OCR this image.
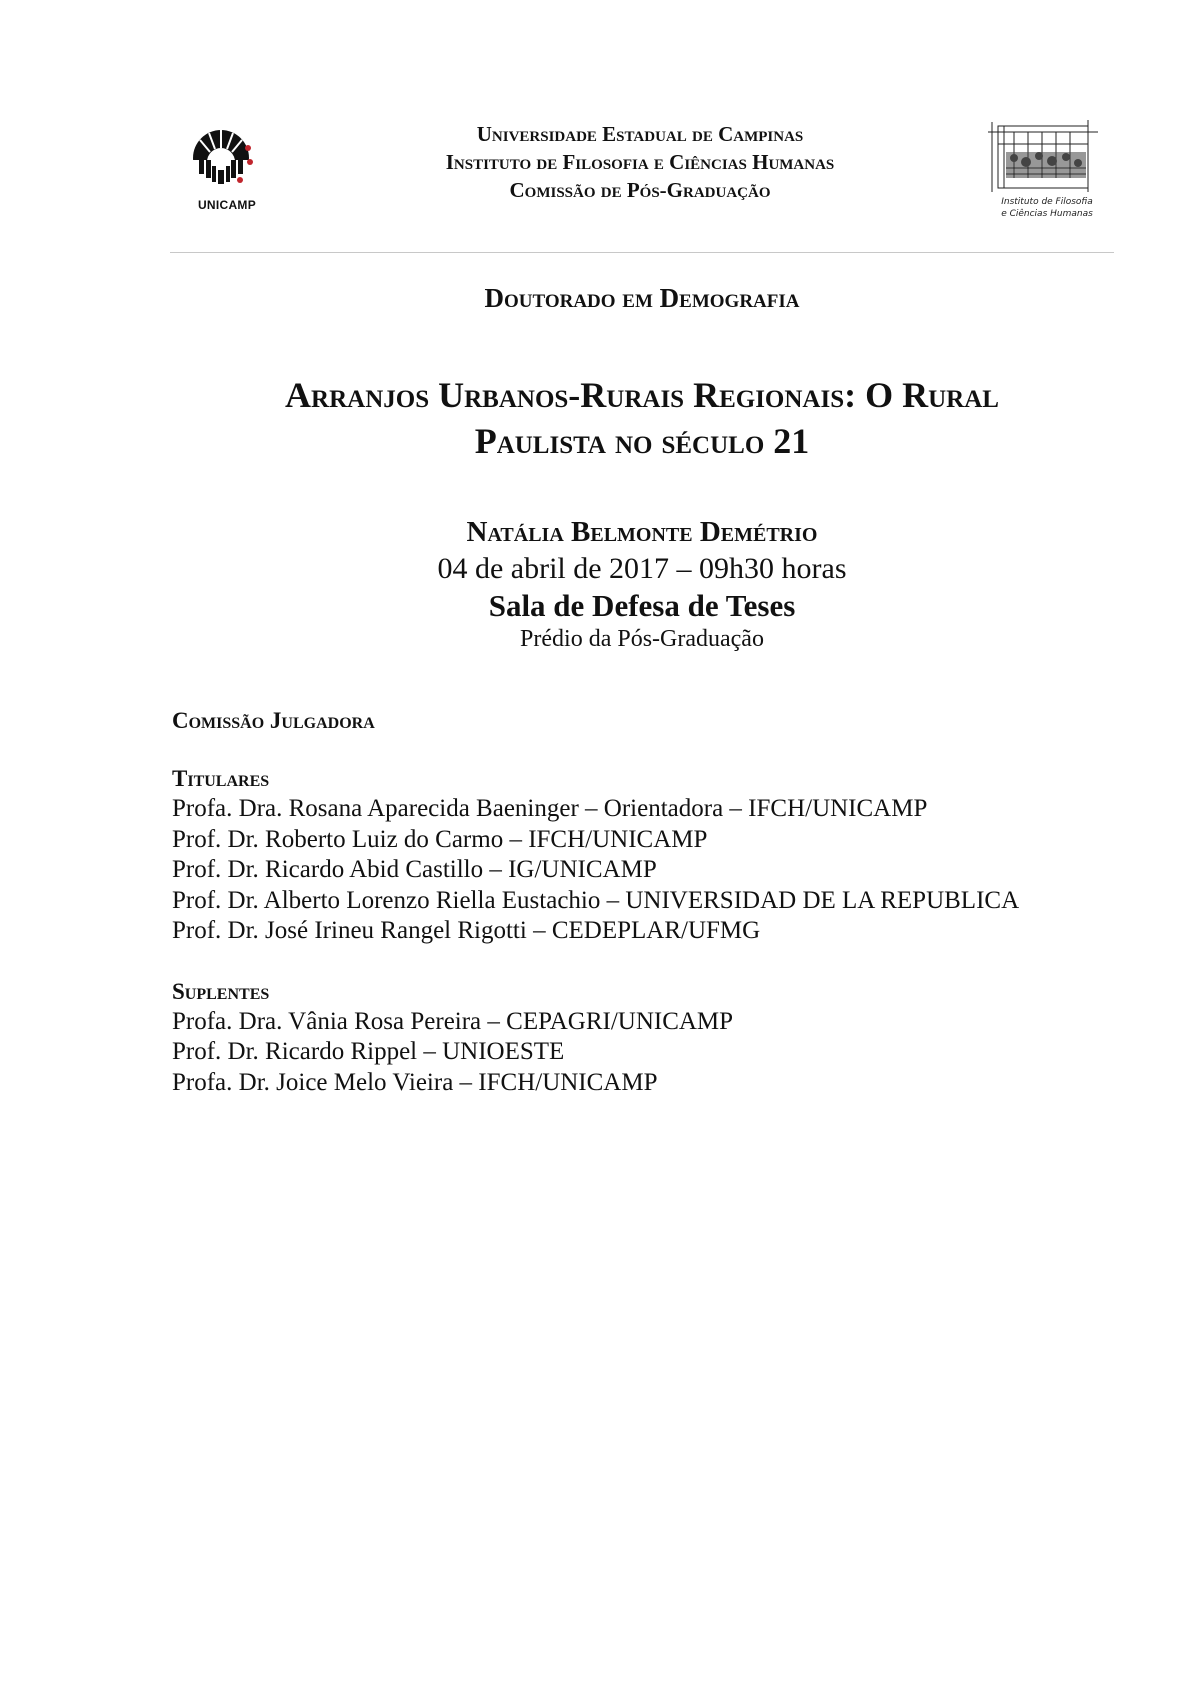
UNICAMP
Universidade Estadual de Campinas
Instituto de Filosofia e Ciências Humanas
Comissão de Pós-Graduação	Instituto de Filosofia
e Ciências Humanas
Doutorado em Demografia
Arranjos Urbanos-Rurais Regionais: O Rural
Paulista no século 21
Natália Belmonte Demétrio
04 de abril de 2017 – 09h30 horas
Sala de Defesa de Teses
Prédio da Pós-Graduação
Comissão Julgadora
Titulares
Profa. Dra. Rosana Aparecida Baeninger – Orientadora – IFCH/UNICAMP
Prof. Dr. Roberto Luiz do Carmo – IFCH/UNICAMP
Prof. Dr. Ricardo Abid Castillo – IG/UNICAMP
Prof. Dr. Alberto Lorenzo Riella Eustachio – UNIVERSIDAD DE LA REPUBLICA
Prof. Dr. José Irineu Rangel Rigotti – CEDEPLAR/UFMG
Suplentes
Profa. Dra. Vânia Rosa Pereira – CEPAGRI/UNICAMP
Prof. Dr. Ricardo Rippel – UNIOESTE
Profa. Dr. Joice Melo Vieira – IFCH/UNICAMP
